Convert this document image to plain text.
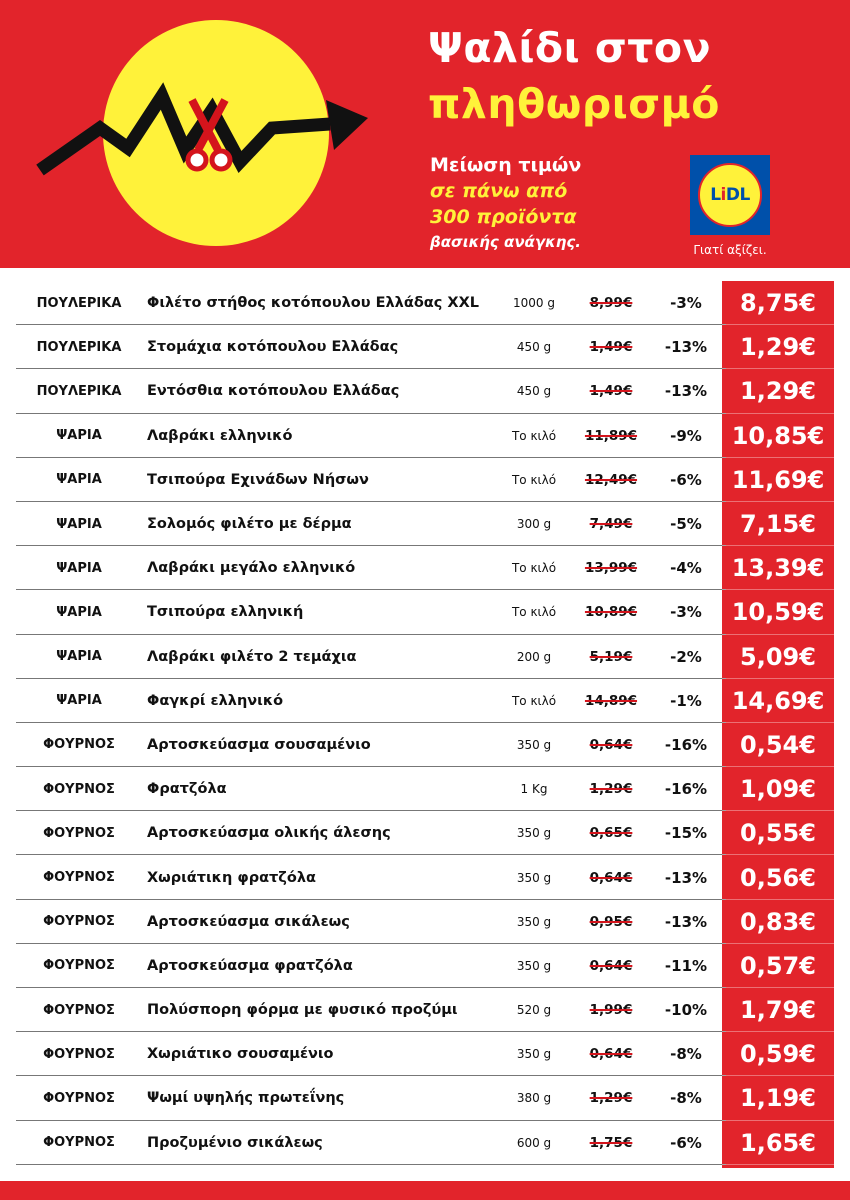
Ψαλίδι στον
πληθωρισμό
Μείωση τιμών
σε πάνω από
300 προϊόντα
βασικής ανάγκης.
LiDL
Γιατί αξίζει.
ΠΟΥΛΕΡΙΚΑ	Φιλέτο στήθος κοτόπουλου Ελλάδας XXL	1000 g	8,99€	-3%	8,75€
ΠΟΥΛΕΡΙΚΑ	Στομάχια κοτόπουλου Ελλάδας	450 g	1,49€	-13%	1,29€
ΠΟΥΛΕΡΙΚΑ	Εντόσθια κοτόπουλου Ελλάδας	450 g	1,49€	-13%	1,29€
ΨΑΡΙΑ	Λαβράκι ελληνικό	Το κιλό	11,89€	-9%	10,85€
ΨΑΡΙΑ	Τσιπούρα Εχινάδων Νήσων	Το κιλό	12,49€	-6%	11,69€
ΨΑΡΙΑ	Σολομός φιλέτο με δέρμα	300 g	7,49€	-5%	7,15€
ΨΑΡΙΑ	Λαβράκι μεγάλο ελληνικό	Το κιλό	13,99€	-4%	13,39€
ΨΑΡΙΑ	Τσιπούρα ελληνική	Το κιλό	10,89€	-3%	10,59€
ΨΑΡΙΑ	Λαβράκι φιλέτο 2 τεμάχια	200 g	5,19€	-2%	5,09€
ΨΑΡΙΑ	Φαγκρί ελληνικό	Το κιλό	14,89€	-1%	14,69€
ΦΟΥΡΝΟΣ	Αρτοσκεύασμα σουσαμένιο	350 g	0,64€	-16%	0,54€
ΦΟΥΡΝΟΣ	Φρατζόλα	1 Kg	1,29€	-16%	1,09€
ΦΟΥΡΝΟΣ	Αρτοσκεύασμα ολικής άλεσης	350 g	0,65€	-15%	0,55€
ΦΟΥΡΝΟΣ	Χωριάτικη φρατζόλα	350 g	0,64€	-13%	0,56€
ΦΟΥΡΝΟΣ	Αρτοσκεύασμα σικάλεως	350 g	0,95€	-13%	0,83€
ΦΟΥΡΝΟΣ	Αρτοσκεύασμα φρατζόλα	350 g	0,64€	-11%	0,57€
ΦΟΥΡΝΟΣ	Πολύσπορη φόρμα με φυσικό προζύμι	520 g	1,99€	-10%	1,79€
ΦΟΥΡΝΟΣ	Χωριάτικο σουσαμένιο	350 g	0,64€	-8%	0,59€
ΦΟΥΡΝΟΣ	Ψωμί υψηλής πρωτεΐνης	380 g	1,29€	-8%	1,19€
ΦΟΥΡΝΟΣ	Προζυμένιο σικάλεως	600 g	1,75€	-6%	1,65€
